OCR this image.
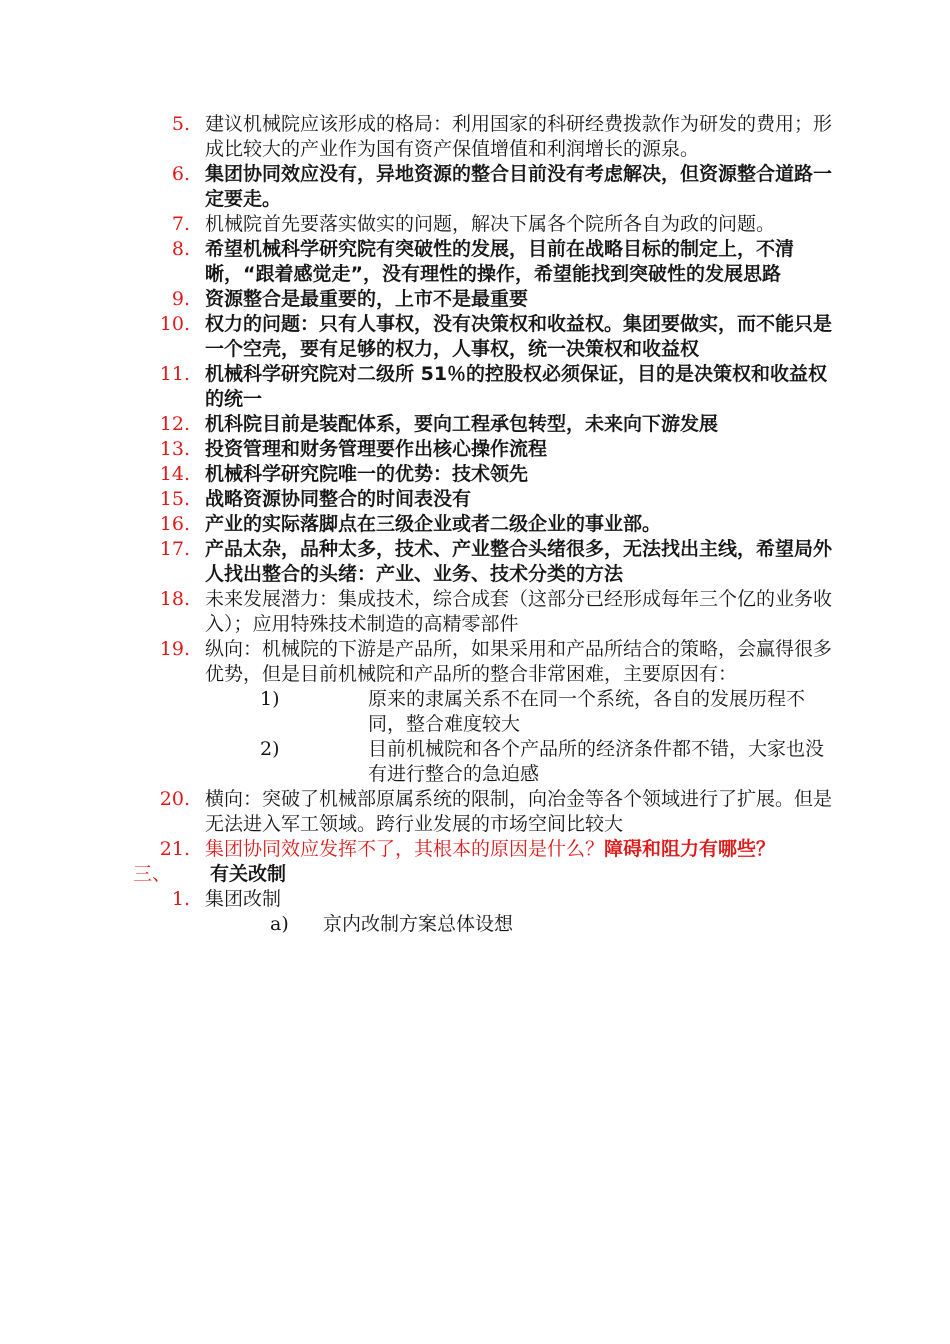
5. 建议机械院应该形成的格局：利用国家的科研经费拨款作为研发的费用；形成比较大的产业作为国有资产保值增值和利润增长的源泉。
6. 集团协同效应没有，异地资源的整合目前没有考虑解决，但资源整合道路一定要走。
7. 机械院首先要落实做实的问题，解决下属各个院所各自为政的问题。
8. 希望机械科学研究院有突破性的发展，目前在战略目标的制定上，不清晰，“跟着感觉走”，没有理性的操作，希望能找到突破性的发展思路
9. 资源整合是最重要的，上市不是最重要
10. 权力的问题：只有人事权，没有决策权和收益权。集团要做实，而不能只是一个空壳，要有足够的权力，人事权，统一决策权和收益权
11. 机械科学研究院对二级所 51％的控股权必须保证，目的是决策权和收益权的统一
12. 机科院目前是装配体系，要向工程承包转型，未来向下游发展
13. 投资管理和财务管理要作出核心操作流程
14. 机械科学研究院唯一的优势：技术领先
15. 战略资源协同整合的时间表没有
16. 产业的实际落脚点在三级企业或者二级企业的事业部。
17. 产品太杂，品种太多，技术、产业整合头绪很多，无法找出主线，希望局外人找出整合的头绪：产业、业务、技术分类的方法
18. 未来发展潜力：集成技术，综合成套（这部分已经形成每年三个亿的业务收入）；应用特殊技术制造的高精零部件
19. 纵向：机械院的下游是产品所，如果采用和产品所结合的策略，会赢得很多优势，但是目前机械院和产品所的整合非常困难，主要原因有：
1)	原来的隶属关系不在同一个系统，各自的发展历程不同，整合难度较大
2)	目前机械院和各个产品所的经济条件都不错，大家也没有进行整合的急迫感
20. 横向：突破了机械部原属系统的限制，向冶金等各个领域进行了扩展。但是无法进入军工领域。跨行业发展的市场空间比较大
21. 集团协同效应发挥不了，其根本的原因是什么？障碍和阻力有哪些？
三、	有关改制
1. 集团改制
a)	京内改制方案总体设想
